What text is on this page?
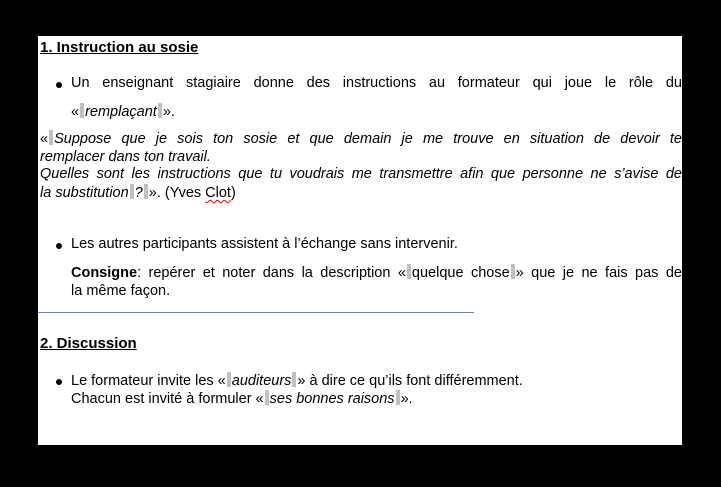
1. Instruction au sosie
Un enseignant stagiaire donne des instructions au formateur qui joue le rôle du
« remplaçant ».
« Suppose que je sois ton sosie et que demain je me trouve en situation de devoir te
remplacer dans ton travail.
Quelles sont les instructions que tu voudrais me transmettre afin que personne ne s’avise de
la substitution ? ». (Yves Clot)
Les autres participants assistent à l’échange sans intervenir.
Consigne: repérer et noter dans la description « quelque chose » que je ne fais pas de
la même façon.
2. Discussion
Le formateur invite les « auditeurs » à dire ce qu’ils font différemment.
Chacun est invité à formuler « ses bonnes raisons ».
